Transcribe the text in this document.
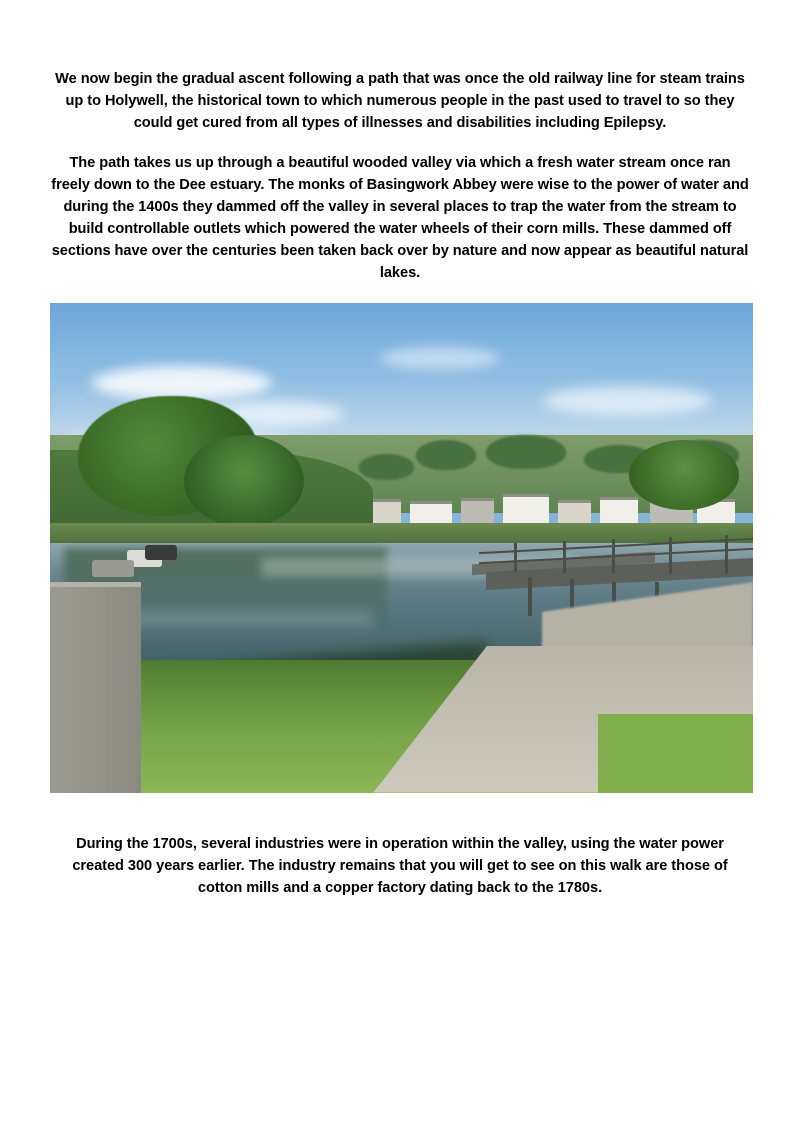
We now begin the gradual ascent following a path that was once the old railway line for steam trains up to Holywell, the historical town to which numerous people in the past used to travel to so they could get cured from all types of illnesses and disabilities including Epilepsy.

The path takes us up through a beautiful wooded valley via which a fresh water stream once ran freely down to the Dee estuary. The monks of Basingwork Abbey were wise to the power of water and during the 1400s they dammed off the valley in several places to trap the water from the stream to build controllable outlets which powered the water wheels of their corn mills. These dammed off sections have over the centuries been taken back over by nature and now appear as beautiful natural lakes.

During the 1700s, several industries were in operation within the valley, using the water power created 300 years earlier. The industry remains that you will get to see on this walk are those of cotton mills and a copper factory dating back to the 1780s.
